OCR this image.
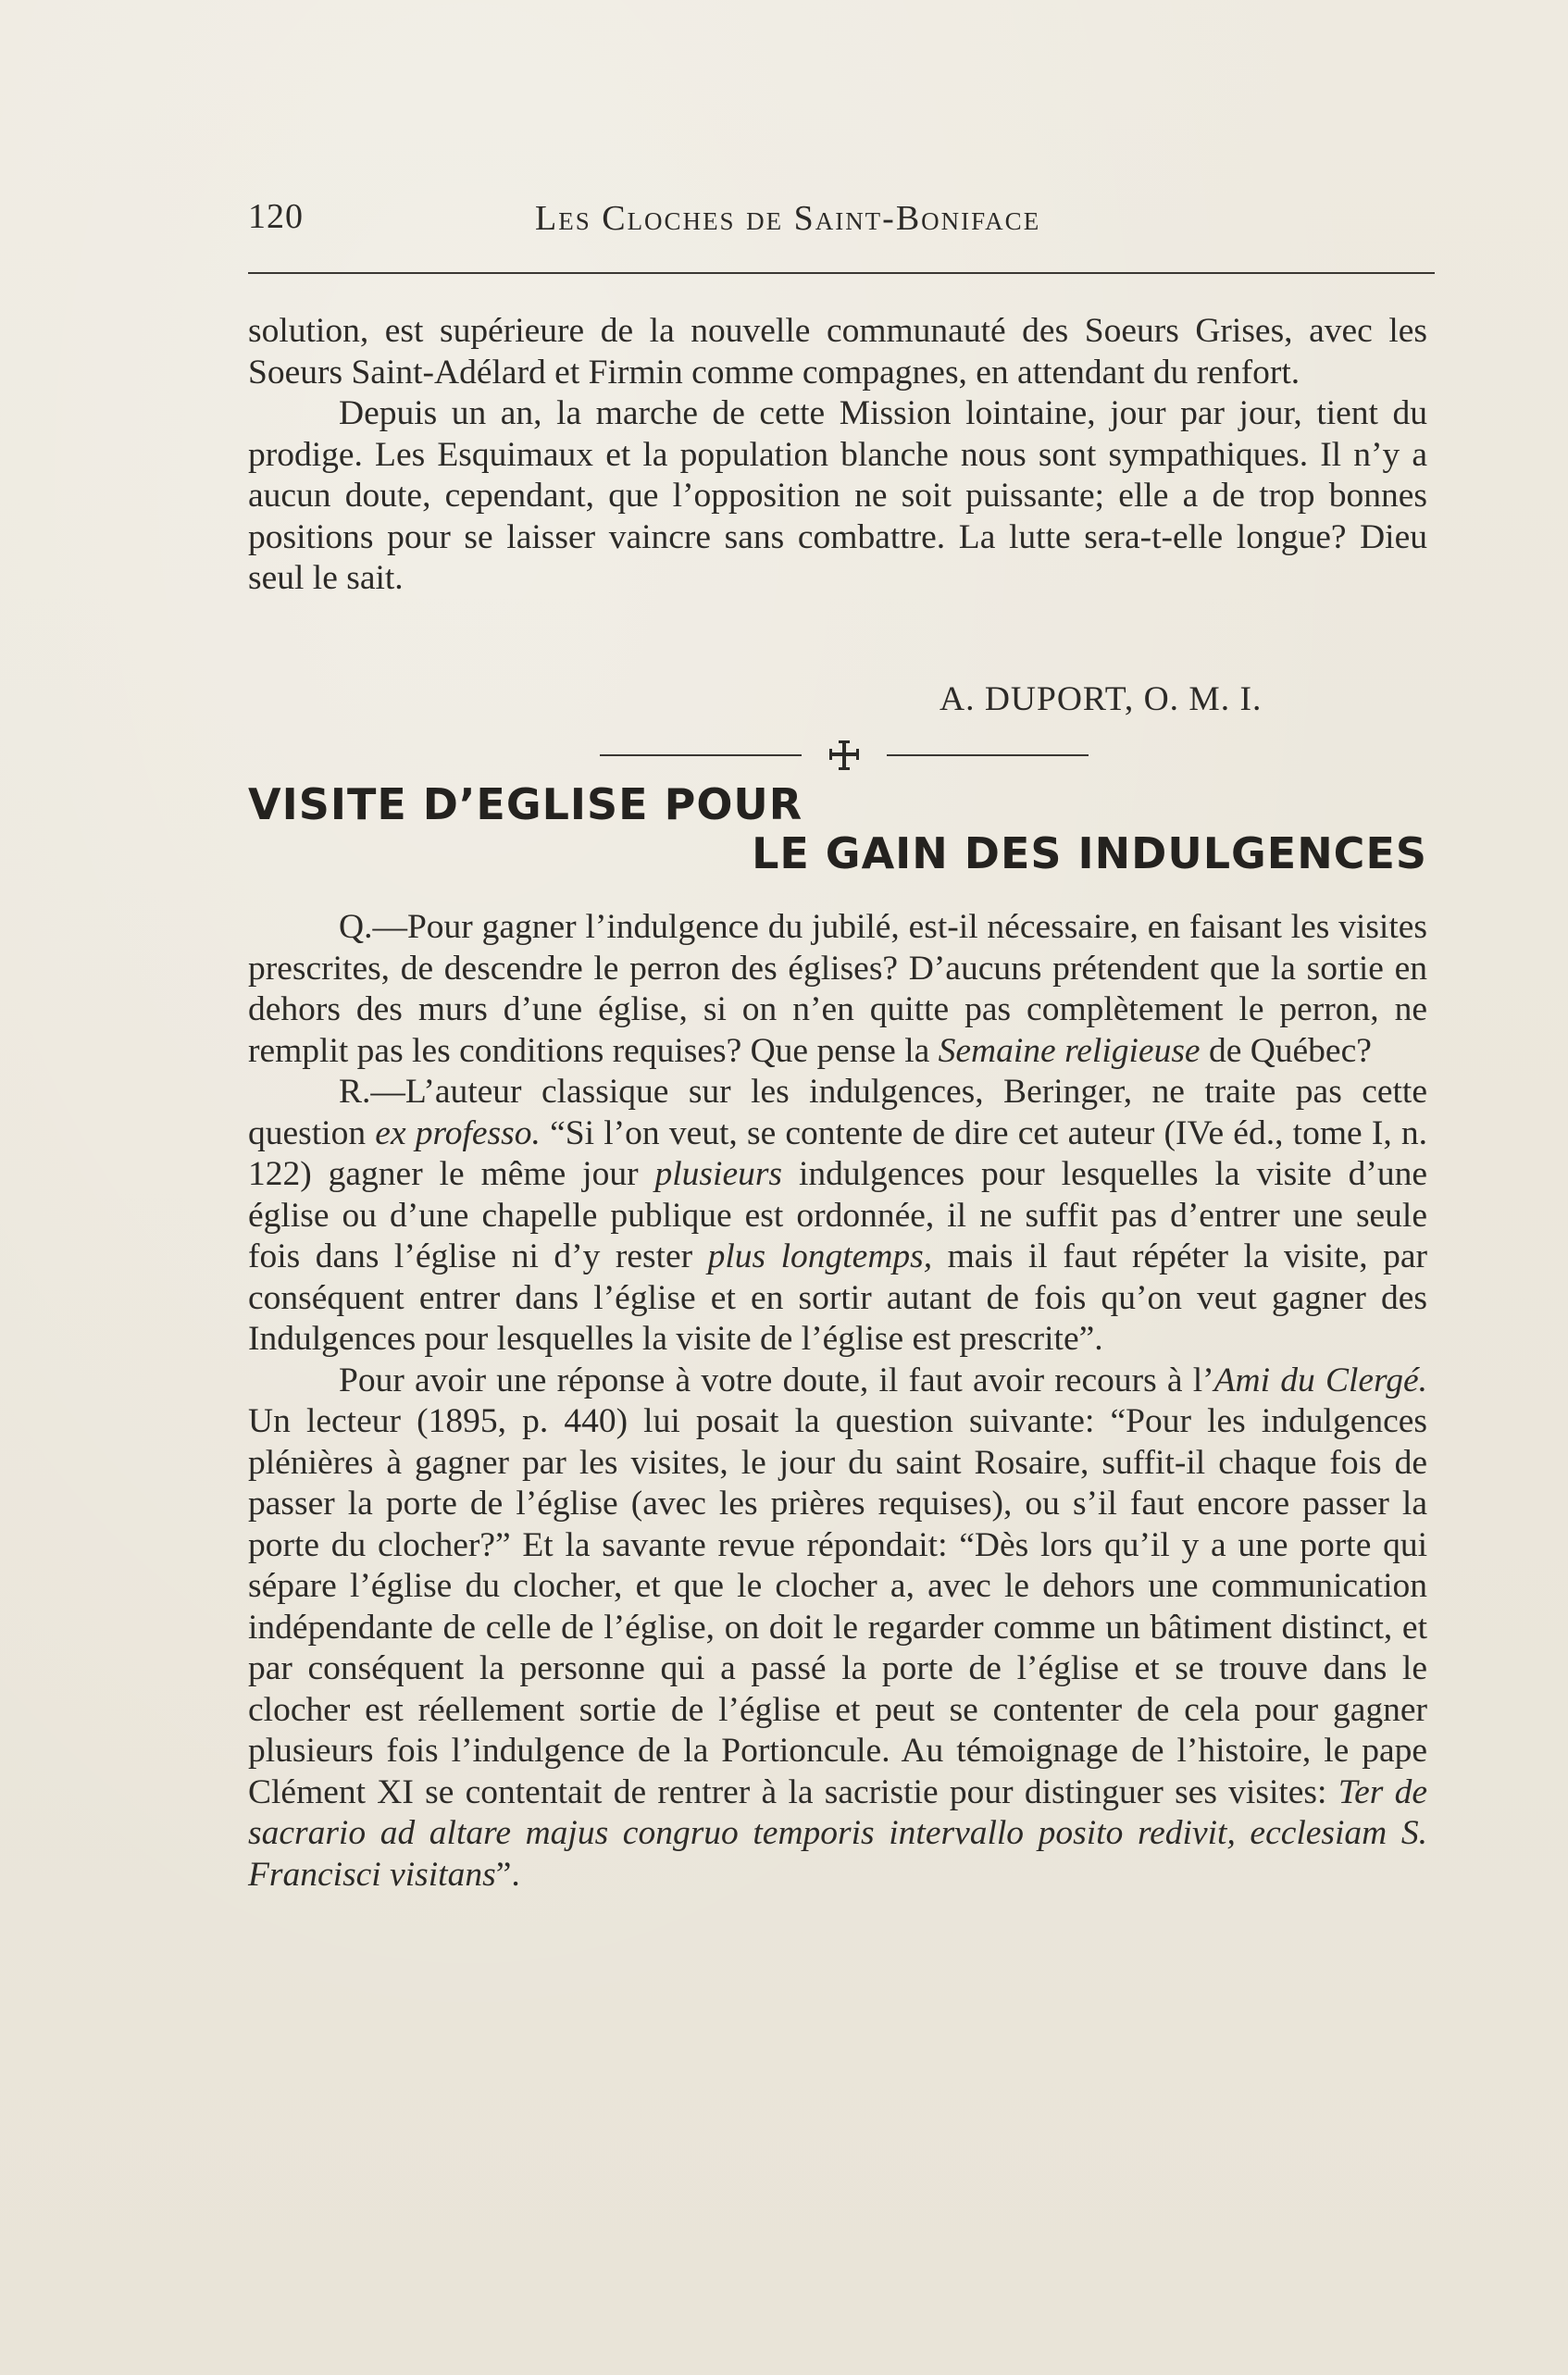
120	Les Cloches de Saint-Boniface

solution, est supérieure de la nouvelle communauté des Soeurs Grises, avec les Soeurs Saint-Adélard et Firmin comme compagnes, en attendant du renfort.

Depuis un an, la marche de cette Mission lointaine, jour par jour, tient du prodige. Les Esquimaux et la population blanche nous sont sympathiques. Il n’y a aucun doute, cependant, que l’opposition ne soit puissante; elle a de trop bonnes positions pour se laisser vaincre sans combattre. La lutte sera-t-elle longue? Dieu seul le sait.

A. DUPORT, O. M. I.
VISITE D’EGLISE POUR
LE GAIN DES INDULGENCES

Q.—Pour gagner l’indulgence du jubilé, est-il nécessaire, en faisant les visites prescrites, de descendre le perron des églises? D’aucuns prétendent que la sortie en dehors des murs d’une église, si on n’en quitte pas complètement le perron, ne remplit pas les conditions requises? Que pense la Semaine religieuse de Québec?

R.—L’auteur classique sur les indulgences, Beringer, ne traite pas cette question ex professo. “Si l’on veut, se contente de dire cet auteur (IVe éd., tome I, n. 122) gagner le même jour plusieurs indulgences pour lesquelles la visite d’une église ou d’une chapelle publique est ordonnée, il ne suffit pas d’entrer une seule fois dans l’église ni d’y rester plus longtemps, mais il faut répéter la visite, par conséquent entrer dans l’église et en sortir autant de fois qu’on veut gagner des Indulgences pour lesquelles la visite de l’église est prescrite”.

Pour avoir une réponse à votre doute, il faut avoir recours à l’Ami du Clergé. Un lecteur (1895, p. 440) lui posait la question suivante: “Pour les indulgences plénières à gagner par les visites, le jour du saint Rosaire, suffit-il chaque fois de passer la porte de l’église (avec les prières requises), ou s’il faut encore passer la porte du clocher?” Et la savante revue répondait: “Dès lors qu’il y a une porte qui sépare l’église du clocher, et que le clocher a, avec le dehors une communication indépendante de celle de l’église, on doit le regarder comme un bâtiment distinct, et par conséquent la personne qui a passé la porte de l’église et se trouve dans le clocher est réellement sortie de l’église et peut se contenter de cela pour gagner plusieurs fois l’indulgence de la Portioncule. Au témoignage de l’histoire, le pape Clément XI se contentait de rentrer à la sacristie pour distinguer ses visites: Ter de sacrario ad altare majus congruo temporis intervallo posito redivit, ecclesiam S. Francisci visitans”.
